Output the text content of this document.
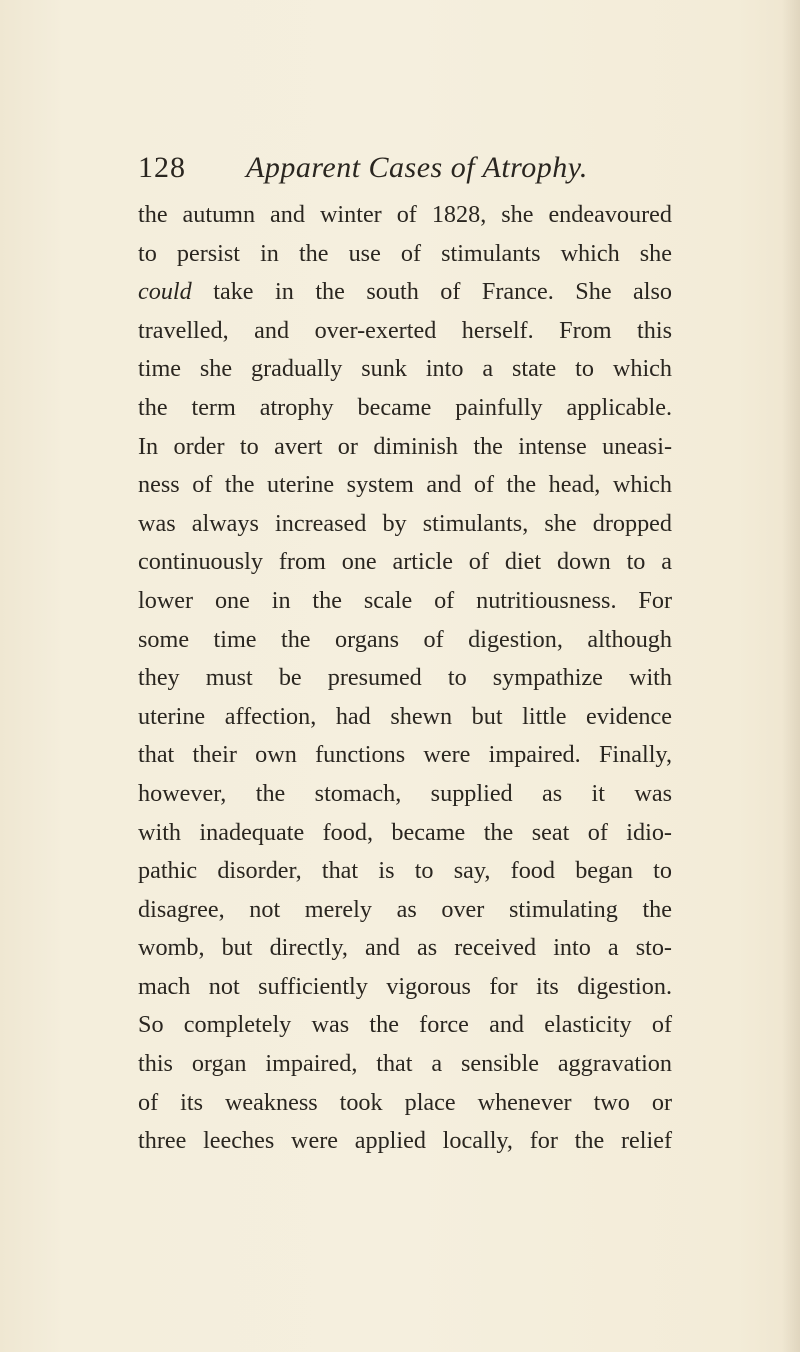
128 Apparent Cases of Atrophy.
the autumn and winter of 1828, she endeavoured
to persist in the use of stimulants which she
could take in the south of France. She also
travelled, and over-exerted herself. From this
time she gradually sunk into a state to which
the term atrophy became painfully applicable.
In order to avert or diminish the intense uneasi-
ness of the uterine system and of the head, which
was always increased by stimulants, she dropped
continuously from one article of diet down to a
lower one in the scale of nutritiousness. For
some time the organs of digestion, although
they must be presumed to sympathize with
uterine affection, had shewn but little evidence
that their own functions were impaired. Finally,
however, the stomach, supplied as it was
with inadequate food, became the seat of idio-
pathic disorder, that is to say, food began to
disagree, not merely as over stimulating the
womb, but directly, and as received into a sto-
mach not sufficiently vigorous for its digestion.
So completely was the force and elasticity of
this organ impaired, that a sensible aggravation
of its weakness took place whenever two or
three leeches were applied locally, for the relief
